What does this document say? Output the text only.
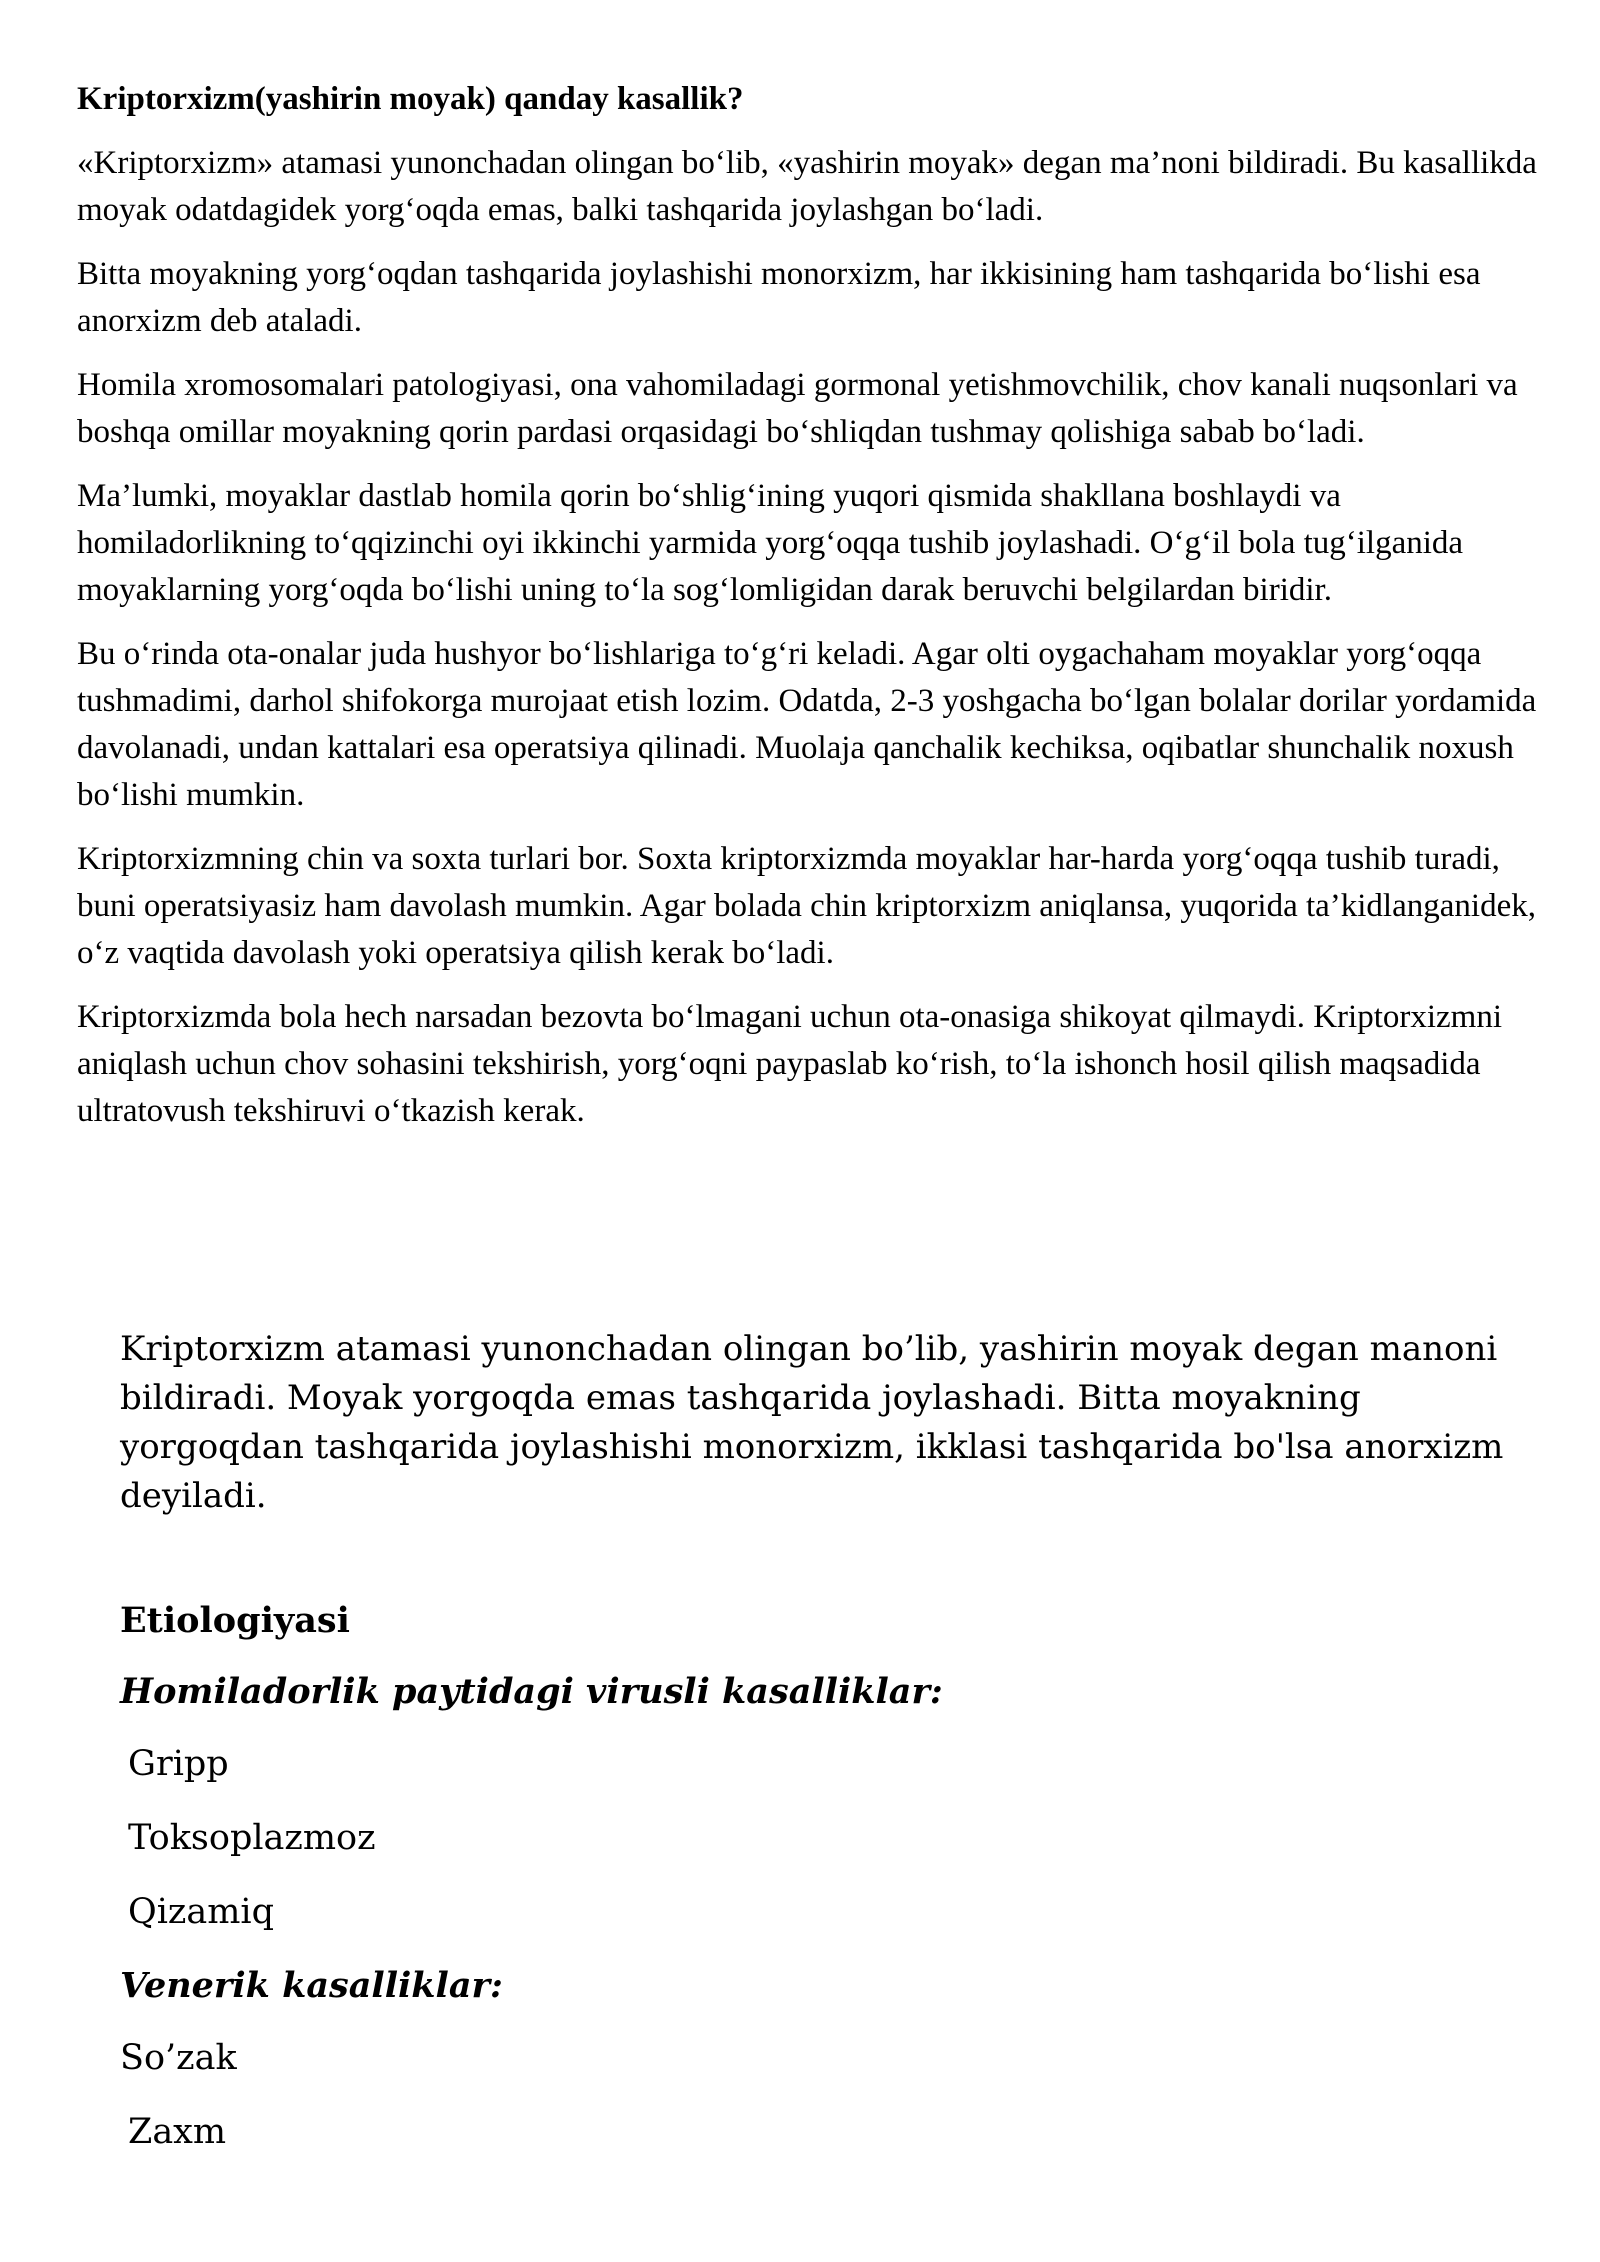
Kriptorxizm(yashirin moyak) qanday kasallik?

«Kriptorxizm» atamasi yunonchadan olingan bo‘lib, «yashirin moyak» degan ma’noni bildiradi. Bu kasallikda moyak odatdagidek yorg‘oqda emas, balki tashqarida joylashgan bo‘ladi.

Bitta moyakning yorg‘oqdan tashqarida joylashishi monorxizm, har ikkisining ham tashqarida bo‘lishi esa anorxizm deb ataladi.

Homila xromosomalari patologiyasi, ona vahomiladagi gormonal yetishmovchilik, chov kanali nuqsonlari va boshqa omillar moyakning qorin pardasi orqasidagi bo‘shliqdan tushmay qolishiga sabab bo‘ladi.

Ma’lumki, moyaklar dastlab homila qorin bo‘shlig‘ining yuqori qismida shakllana boshlaydi va homiladorlikning to‘qqizinchi oyi ikkinchi yarmida yorg‘oqqa tushib joylashadi. O‘g‘il bola tug‘ilganida moyaklarning yorg‘oqda bo‘lishi uning to‘la sog‘lomligidan darak beruvchi belgilardan biridir.

Bu o‘rinda ota-onalar juda hushyor bo‘lishlariga to‘g‘ri keladi. Agar olti oygachaham moyaklar yorg‘oqqa tushmadimi, darhol shifokorga murojaat etish lozim. Odatda, 2-3 yoshgacha bo‘lgan bolalar dorilar yordamida davolanadi, undan kattalari esa operatsiya qilinadi. Muolaja qanchalik kechiksa, oqibatlar shunchalik noxush bo‘lishi mumkin.

Kriptorxizmning chin va soxta turlari bor. Soxta kriptorxizmda moyaklar har-harda yorg‘oqqa tushib turadi, buni operatsiyasiz ham davolash mumkin. Agar bolada chin kriptorxizm aniqlansa, yuqorida ta’kidlanganidek, o‘z vaqtida davolash yoki operatsiya qilish kerak bo‘ladi.

Kriptorxizmda bola hech narsadan bezovta bo‘lmagani uchun ota-onasiga shikoyat qilmaydi. Kriptorxizmni aniqlash uchun chov sohasini tekshirish, yorg‘oqni paypaslab ko‘rish, to‘la ishonch hosil qilish maqsadida ultratovush tekshiruvi o‘tkazish kerak.

Kriptorxizm atamasi yunonchadan olingan bo’lib, yashirin moyak degan manoni bildiradi. Moyak yorgoqda emas tashqarida joylashadi. Bitta moyakning yorgoqdan tashqarida joylashishi monorxizm, ikklasi tashqarida bo'lsa anorxizm deyiladi.

Etiologiyasi
Homiladorlik paytidagi virusli kasalliklar:
Gripp
Toksoplazmoz
Qizamiq
Venerik kasalliklar:
So’zak
Zaxm
